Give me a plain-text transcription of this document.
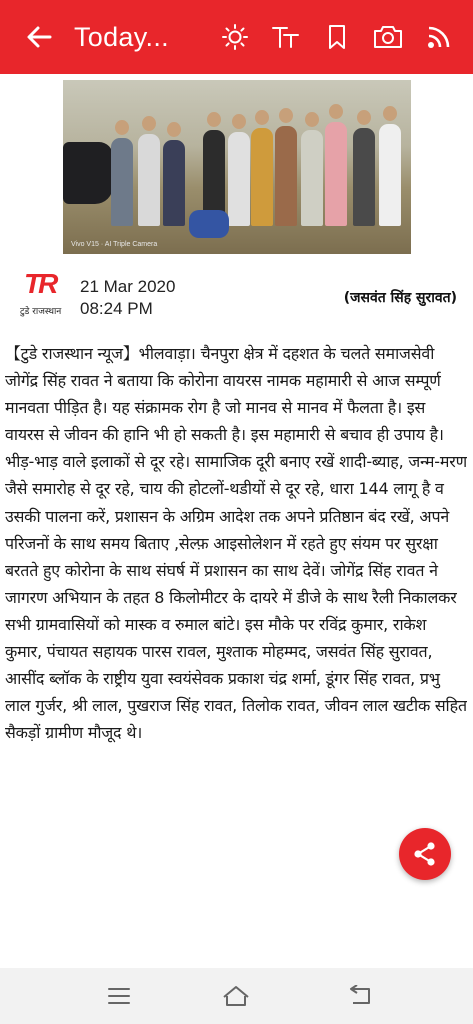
Today...
Vivo V15 · AI Triple Camera
TR
टुडे राजस्थान
21 Mar 2020
08:24 PM
(जसवंत सिंह सुरावत)
【टुडे राजस्थान न्यूज】भीलवाड़ा। चैनपुरा क्षेत्र में दहशत के चलते समाजसेवी जोगेंद्र सिंह रावत ने बताया कि कोरोना वायरस नामक महामारी से आज सम्पूर्ण मानवता पीड़ित है। यह संक्रामक रोग है जो मानव से मानव में फैलता है। इस वायरस से जीवन की हानि भी हो सकती है। इस महामारी से बचाव ही उपाय है। भीड़-भाड़ वाले इलाकों से दूर रहे। सामाजिक दूरी बनाए रखें शादी-ब्याह, जन्म-मरण जैसे समारोह से दूर रहे, चाय की होटलों-थडीयों से दूर रहे, धारा 144 लागू है व उसकी पालना करें, प्रशासन के अग्रिम आदेश तक अपने प्रतिष्ठान बंद रखें, अपने परिजनों के साथ समय बिताए ,सेल्फ़ आइसोलेशन में रहते हुए संयम पर सुरक्षा बरतते हुए कोरोना के साथ संघर्ष में प्रशासन का साथ देवें। जोगेंद्र सिंह रावत ने जागरण अभियान के तहत 8 किलोमीटर के दायरे में डीजे के साथ रैली निकालकर सभी ग्रामवासियों को मास्क व रुमाल बांटे। इस मौके पर रविंद्र कुमार, राकेश कुमार, पंचायत सहायक पारस रावल, मुश्ताक मोहम्मद, जसवंत सिंह सुरावत, आसींद ब्लॉक के राष्ट्रीय युवा स्वयंसेवक प्रकाश चंद्र शर्मा, डूंगर सिंह रावत, प्रभु लाल गुर्जर, श्री लाल, पुखराज सिंह रावत, तिलोक रावत, जीवन लाल खटीक सहित सैकड़ों ग्रामीण मौजूद थे।
